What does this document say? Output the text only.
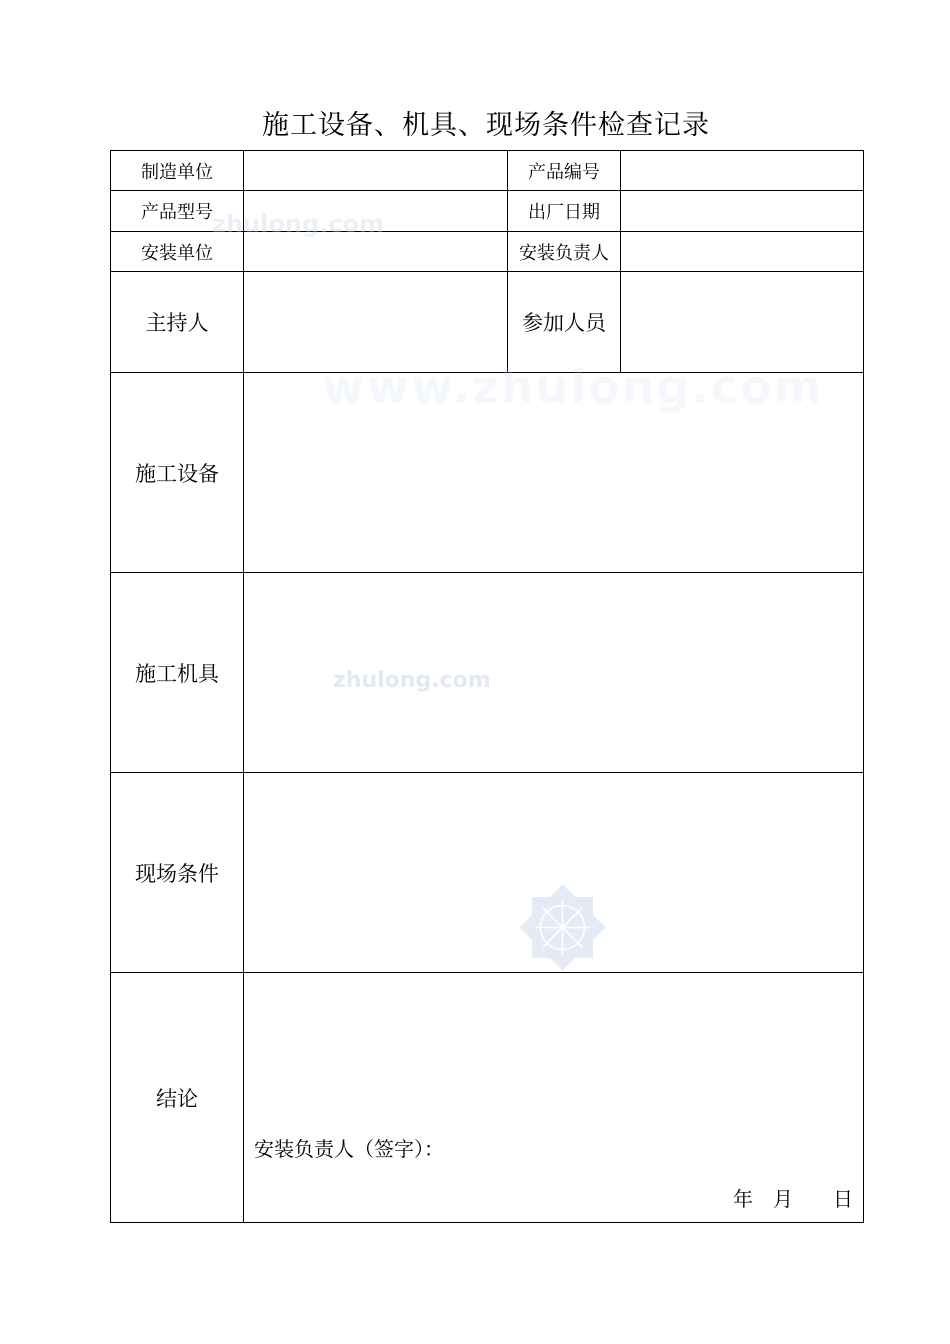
施工设备、机具、现场条件检查记录
制造单位		产品编号	
产品型号		出厂日期	
安装单位		安装负责人	
主持人		参加人员	
施工设备			
施工机具			
现场条件			
结论	安装负责人（签字）：
年　月　　日		
zhulong.com
www.zhulong.com
zhulong.com
